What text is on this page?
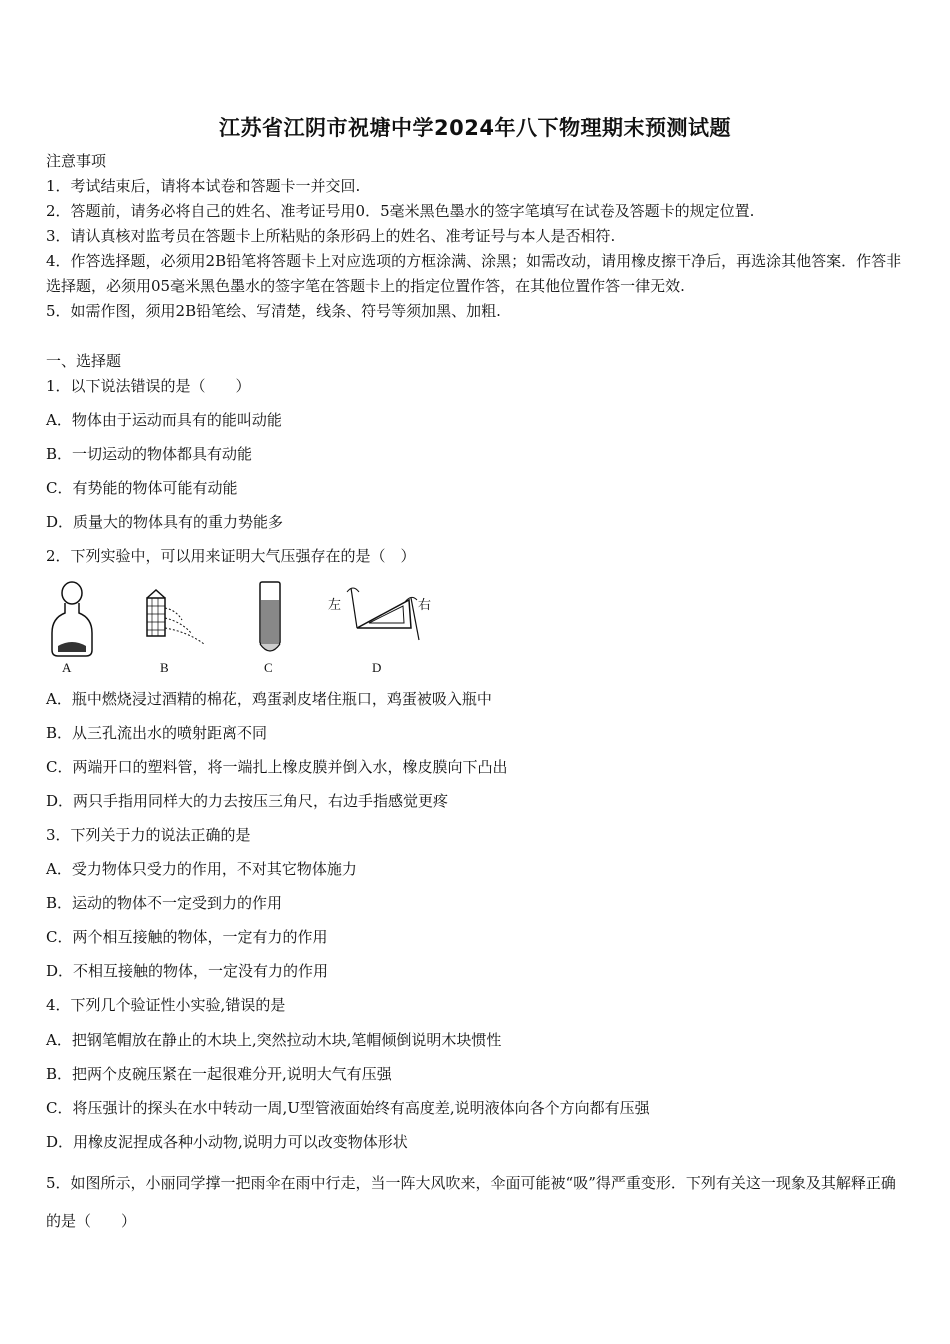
江苏省江阴市祝塘中学2024年八下物理期末预测试题
注意事项
1．考试结束后，请将本试卷和答题卡一并交回.
2．答题前，请务必将自己的姓名、准考证号用0．5毫米黑色墨水的签字笔填写在试卷及答题卡的规定位置.
3．请认真核对监考员在答题卡上所粘贴的条形码上的姓名、准考证号与本人是否相符.
4．作答选择题，必须用2B铅笔将答题卡上对应选项的方框涂满、涂黑；如需改动，请用橡皮擦干净后，再选涂其他答案．作答非选择题，必须用05毫米黑色墨水的签字笔在答题卡上的指定位置作答，在其他位置作答一律无效.
5．如需作图，须用2B铅笔绘、写清楚，线条、符号等须加黑、加粗.
一、选择题
1．以下说法错误的是（　　）
A．物体由于运动而具有的能叫动能
B．一切运动的物体都具有动能
C．有势能的物体可能有动能
D．质量大的物体具有的重力势能多
2．下列实验中，可以用来证明大气压强存在的是（　）
A	B	C
左	右
D
A．瓶中燃烧浸过酒精的棉花，鸡蛋剥皮堵住瓶口，鸡蛋被吸入瓶中
B．从三孔流出水的喷射距离不同
C．两端开口的塑料管，将一端扎上橡皮膜并倒入水，橡皮膜向下凸出
D．两只手指用同样大的力去按压三角尺，右边手指感觉更疼
3．下列关于力的说法正确的是
A．受力物体只受力的作用，不对其它物体施力
B．运动的物体不一定受到力的作用
C．两个相互接触的物体，一定有力的作用
D．不相互接触的物体，一定没有力的作用
4．下列几个验证性小实验,错误的是
A．把钢笔帽放在静止的木块上,突然拉动木块,笔帽倾倒说明木块惯性
B．把两个皮碗压紧在一起很难分开,说明大气有压强
C．将压强计的探头在水中转动一周,U型管液面始终有高度差,说明液体向各个方向都有压强
D．用橡皮泥捏成各种小动物,说明力可以改变物体形状
5．如图所示，小丽同学撑一把雨伞在雨中行走，当一阵大风吹来，伞面可能被“吸”得严重变形．下列有关这一现象及其解释正确的是（　　）
